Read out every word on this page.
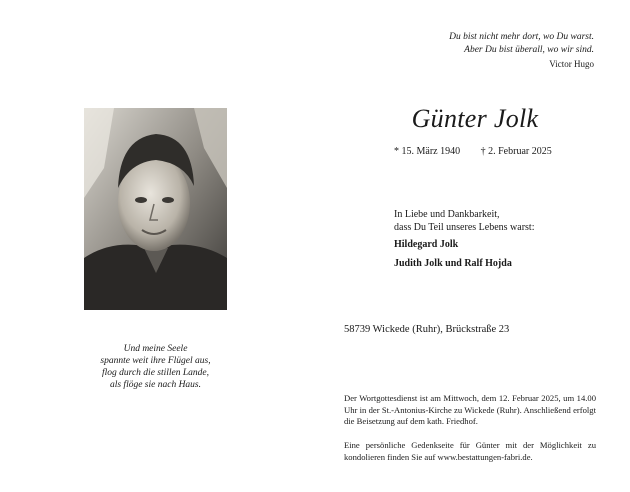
Du bist nicht mehr dort, wo Du warst.
Aber Du bist überall, wo wir sind.
Victor Hugo
Günter Jolk
* 15. März 1940 † 2. Februar 2025
In Liebe und Dankbarkeit,
dass Du Teil unseres Lebens warst:
Hildegard Jolk
Judith Jolk und Ralf Hojda
Und meine Seele
spannte weit ihre Flügel aus,
flog durch die stillen Lande,
als flöge sie nach Haus.
58739 Wickede (Ruhr), Brückstraße 23
Der Wortgottesdienst ist am Mittwoch, dem 12. Februar 2025, um 14.00 Uhr in der St.-Antonius-Kirche zu Wickede (Ruhr). Anschließend erfolgt die Beisetzung auf dem kath. Friedhof.
Eine persönliche Gedenkseite für Günter mit der Möglichkeit zu kondolieren finden Sie auf www.bestattungen-fabri.de.
